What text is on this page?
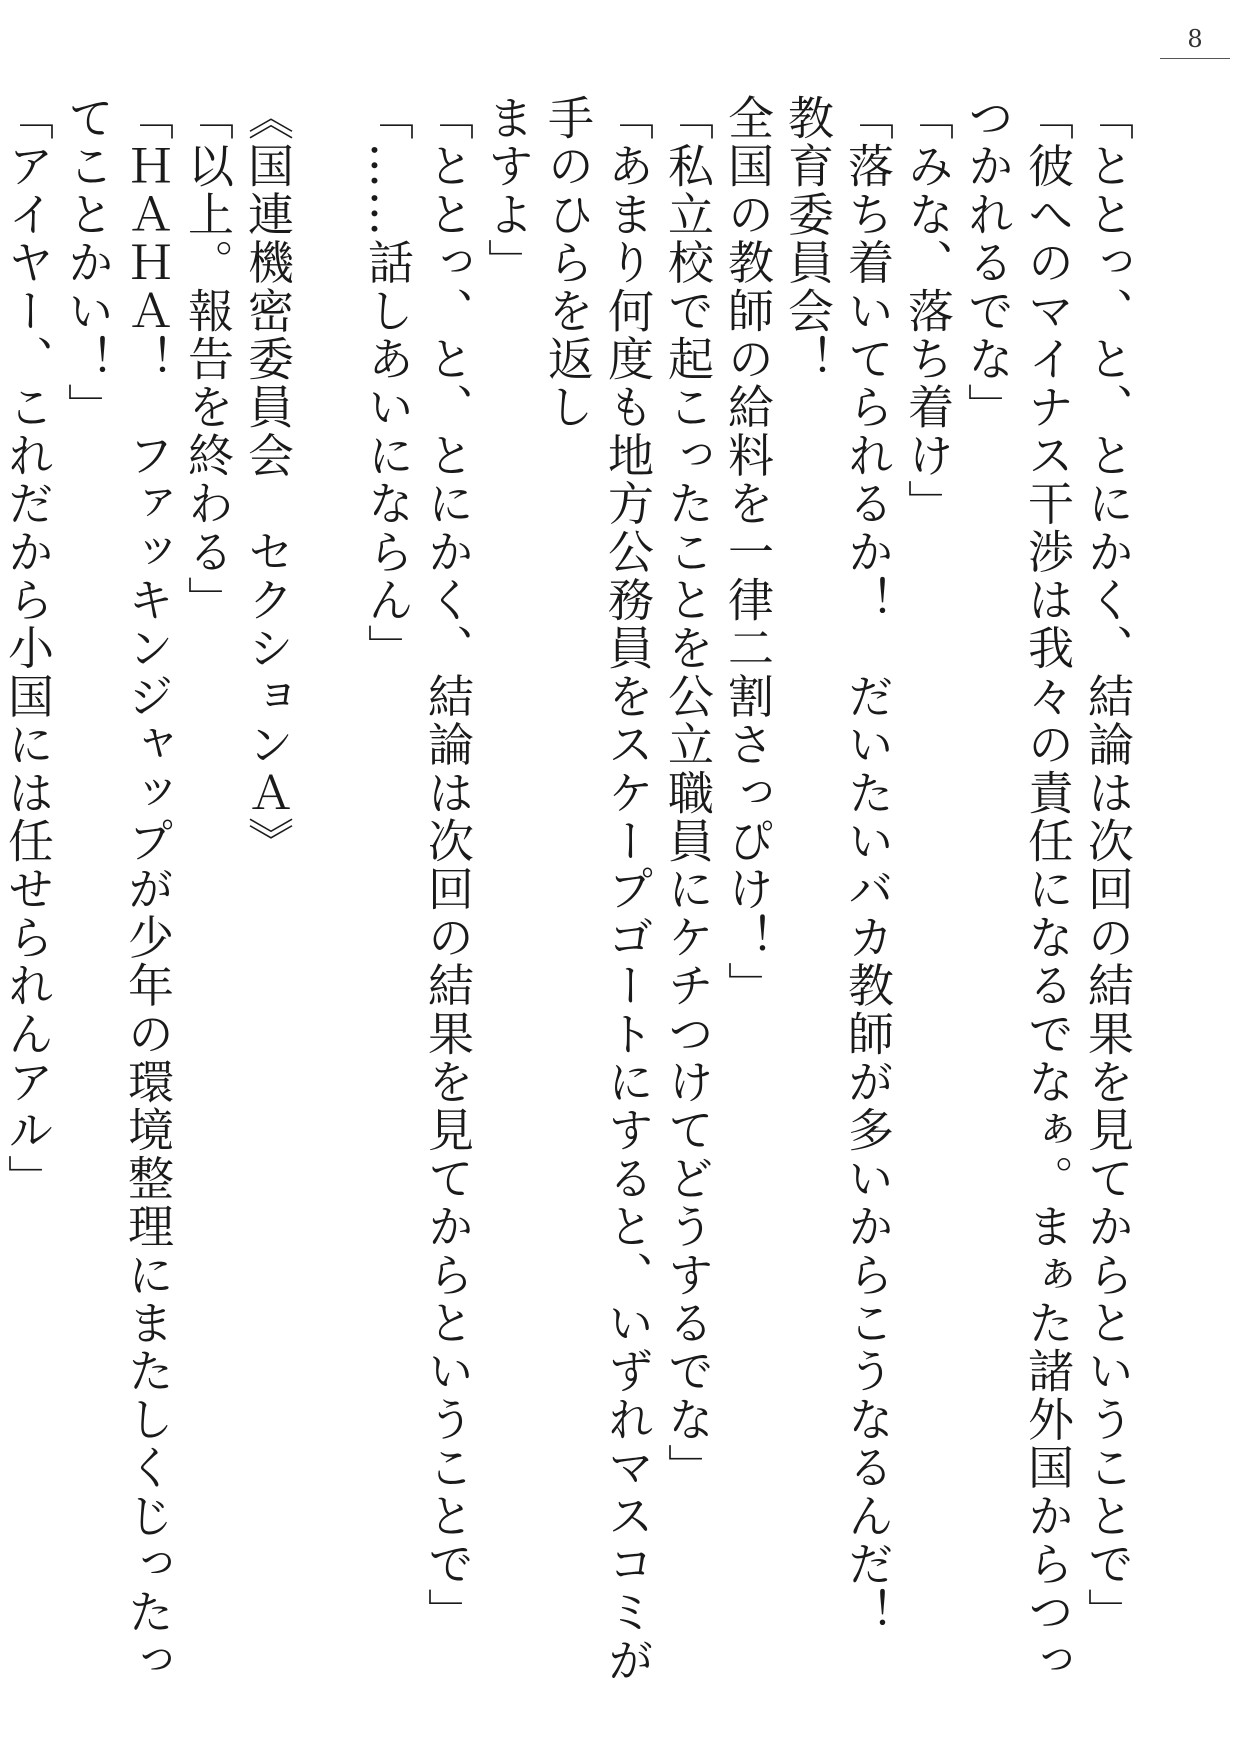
8

「ととっ、と、とにかく、結論は次回の結果を見てからということで」

「彼へのマイナス干渉は我々の責任になるでなぁ。まぁた諸外国からつっつかれるでな」

「みな、落ち着け」

「落ち着いてられるか！　だいたいバカ教師が多いからこうなるんだ！　教育委員会！

全国の教師の給料を一律二割さっぴけ！」

「私立校で起こったことを公立職員にケチつけてどうするでな」

「あまり何度も地方公務員をスケープゴートにすると、いずれマスコミが手のひらを返し

ますよ」

「ととっ、と、とにかく、結論は次回の結果を見てからということで」

「……話しあいにならん」

《国連機密委員会　セクションＡ》

「以上。報告を終わる」

「ＨＡＨＡ！　ファッキンジャップが少年の環境整理にまたしくじったってことかい！」

「アイヤー、これだから小国には任せられんアル」
